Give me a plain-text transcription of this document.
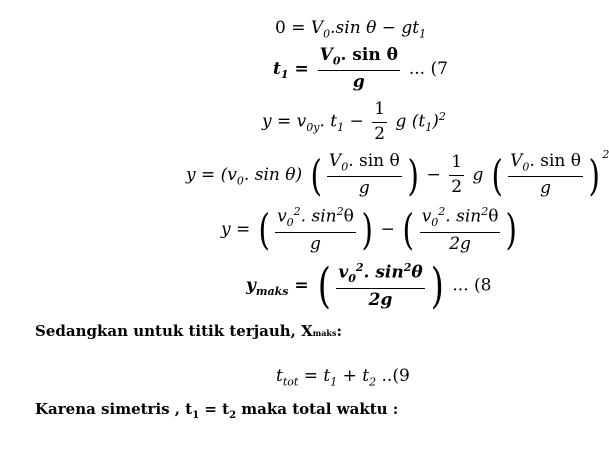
$0 = V_0.\sin$ $\theta - gt_1$
$t_1 = \frac{V_0. \sin \theta}{g}$ ... (7
$y = v_{0y}$. $t_1 - \frac{1}{2}$ g $(t_1)^2$
$y = (v_0$. sin θ) ( $\frac{V_0. \sin \theta}{g}$ ) − $\frac{1}{2}$ g ( $\frac{V_0. \sin \theta}{g}$ ) $^2$
y = ( $\frac{v_0^2. \sin^2\theta}{g}$ ) − ( $\frac{v_0^2. \sin^2\theta}{2g}$ )
$y_{maks}$ = ( $\frac{v_0^2. \sin^2\theta}{2g}$ ) ... (8
Sedangkan untuk titik terjauh, Xmaks:
$t_{tot} = t_1 + t_2$ ..(9
Karena simetris , $t_1 = t_2$ maka total waktu :
